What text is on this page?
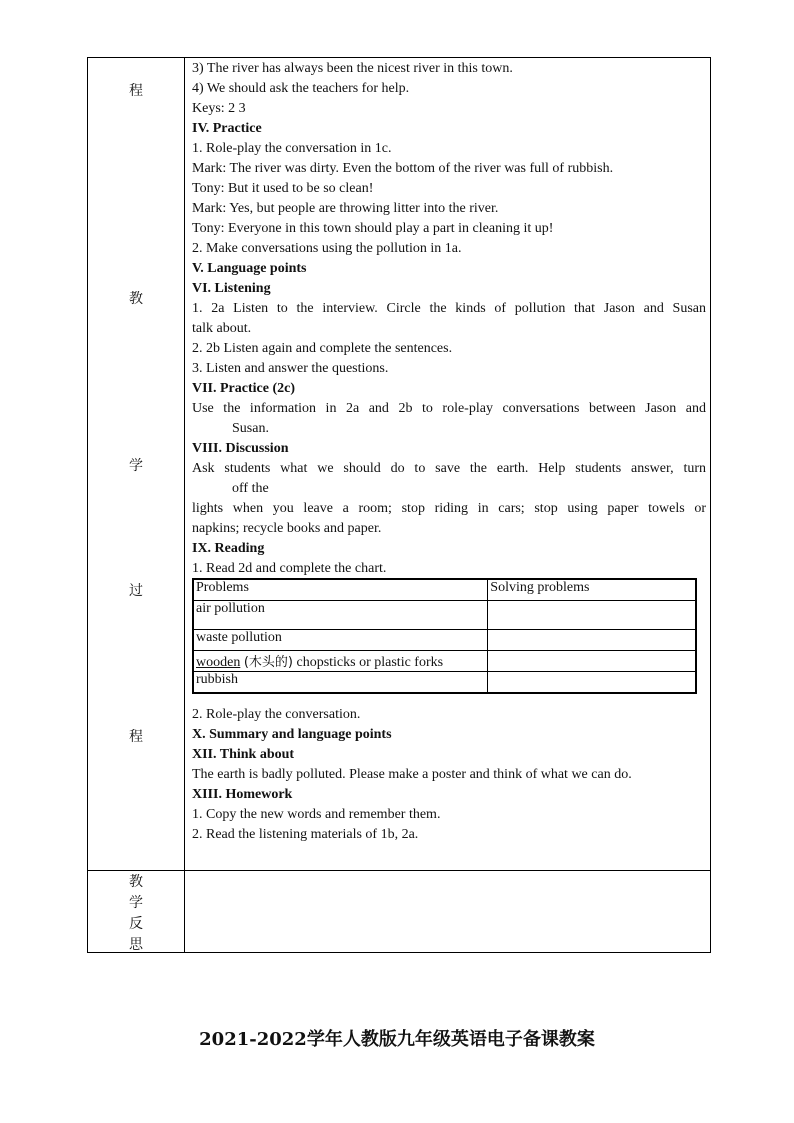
程
教
学
过
程
教
学
反
思
3) The river has always been the nicest river in this town.
4) We should ask the teachers for help.
Keys: 2 3
IV. Practice
1. Role-play the conversation in 1c.
Mark: The river was dirty. Even the bottom of the river was full of rubbish.
Tony: But it used to be so clean!
Mark: Yes, but people are throwing litter into the river.
Tony: Everyone in this town should play a part in cleaning it up!
2. Make conversations using the pollution in 1a.
V. Language points
VI. Listening
1. 2a Listen to the interview. Circle the kinds of pollution that Jason and Susan
talk about.
2. 2b Listen again and complete the sentences.
3. Listen and answer the questions.
VII. Practice (2c)
Use the information in 2a and 2b to role-play conversations between Jason and
Susan.
VIII. Discussion
Ask students what we should do to save the earth. Help students answer, turn
off the
lights when you leave a room; stop riding in cars; stop using paper towels or
napkins; recycle books and paper.
IX. Reading
1. Read 2d and complete the chart.
2. Role-play the conversation.
X. Summary and language points
XII. Think about
The earth is badly polluted. Please make a poster and think of what we can do.
XIII. Homework
1. Copy the new words and remember them.
2. Read the listening materials of 1b, 2a.
Problems	Solving problems
air pollution	
waste pollution	
wooden (木头的) chopsticks or plastic forks	
rubbish	
2021-2022学年人教版九年级英语电子备课教案
